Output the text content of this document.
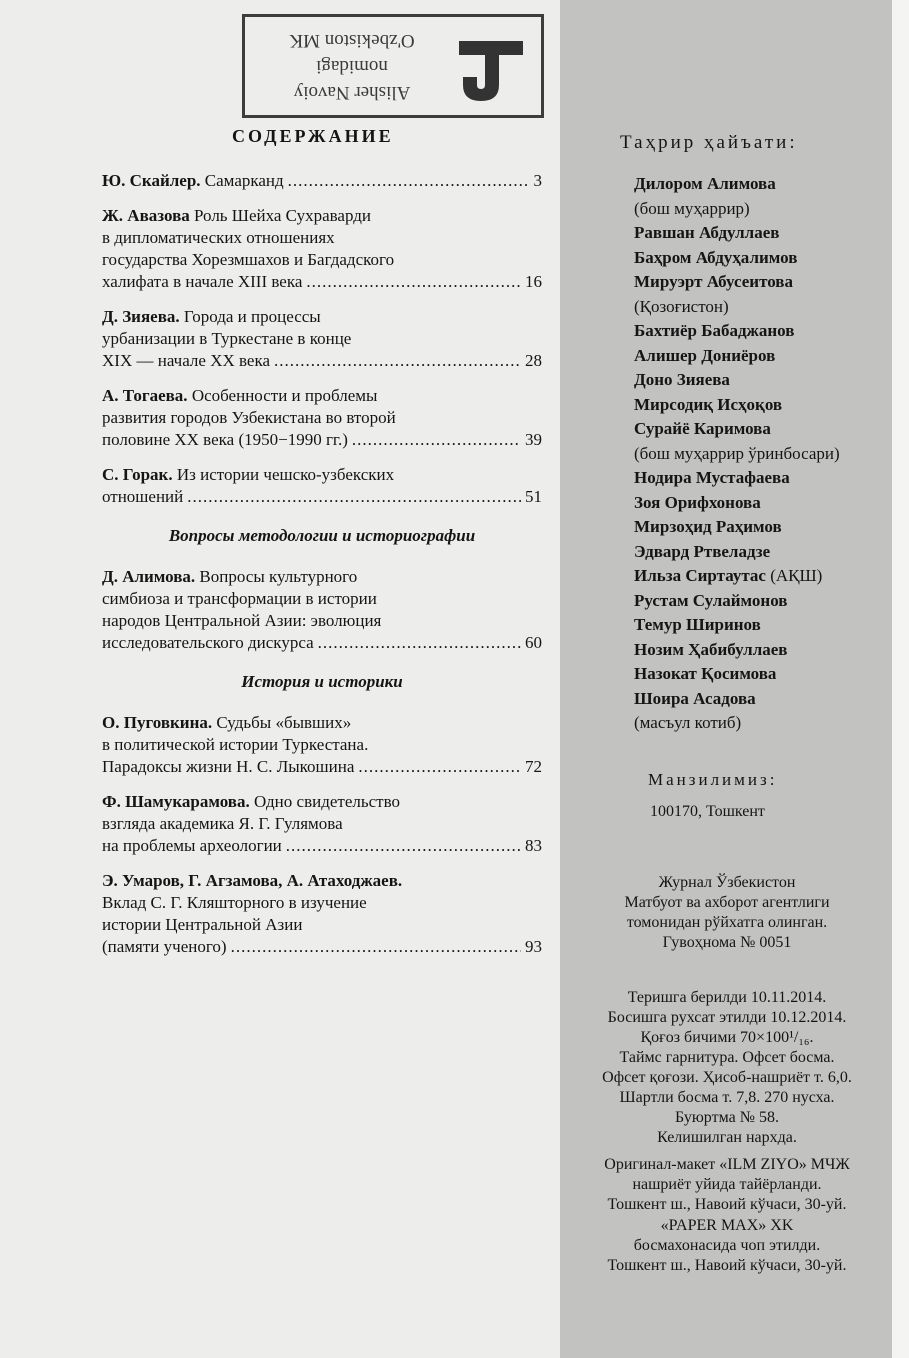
Alisher Navoiy
nomidagi
O'zbekiston MK
СОДЕРЖАНИЕ
Ю. Скайлер.
Самарканд .....	3
Ж. Авазова Роль Шейха Сухраварди
в дипломатических отношениях
государства Хорезмшахов и Багдадского
халифата в начале XIII века .....	16
Д. Зияева. Города и процессы
урбанизации в Туркестане в конце
XIX — начале XX века .....	28
А. Тогаева. Особенности и проблемы
развития городов Узбекистана во второй
половине XX века (1950−1990 гг.) .....	39
С. Горак. Из истории чешско-узбекских
отношений .....	51
Вопросы методологии и историографии
Д. Алимова. Вопросы культурного
симбиоза и трансформации в истории
народов Центральной Азии: эволюция
исследовательского дискурса .....	60
История и историки
О. Пуговкина. Судьбы «бывших»
в политической истории Туркестана.
Парадоксы жизни Н. С. Лыкошина .....	72
Ф. Шамукарамова. Одно свидетельство
взгляда академика Я. Г. Гулямова
на проблемы археологии .....	83
Э. Умаров, Г. Агзамова, А. Атаходжаев.
Вклад С. Г. Кляшторного в изучение
истории Центральной Азии
(памяти ученого) .....	93
Таҳрир ҳайъати:
Дилором Алимова
(бош муҳаррир)
Равшан Абдуллаев
Баҳром Абдуҳалимов
Мируэрт Абусеитова
(Қозоғистон)
Бахтиёр Бабаджанов
Алишер Дониёров
Доно Зияева
Мирсодиқ Исҳоқов
Сурайё Каримова
(бош муҳаррир ўринбосари)
Нодира Мустафаева
Зоя Орифхонова
Мирзоҳид Раҳимов
Эдвард Ртвеладзе
Ильза Сиртаутас (АҚШ)
Рустам Сулаймонов
Темур Ширинов
Нозим Ҳабибуллаев
Назокат Қосимова
Шоира Асадова
(масъул котиб)
Манзилимиз:
100170, Тошкент
Журнал Ўзбекистон
Матбуот ва ахборот агентлиги
томонидан рўйхатга олинган.
Гувоҳнома № 0051
Теришга берилди 10.11.2014.
Босишга рухсат этилди 10.12.2014.
Қоғоз бичими 70×100¹/₁₆.
Таймс гарнитура. Офсет босма.
Офсет қоғози. Ҳисоб-нашриёт т. 6,0.
Шартли босма т. 7,8. 270 нусха.
Буюртма № 58.
Келишилган нархда.
Оригинал-макет «ILM ZIYO» МЧЖ
нашриёт уйида тайёрланди.
Тошкент ш., Навоий кўчаси, 30-уй.
«PAPER MAX» XK
босмахонасида чоп этилди.
Тошкент ш., Навоий кўчаси, 30-уй.
